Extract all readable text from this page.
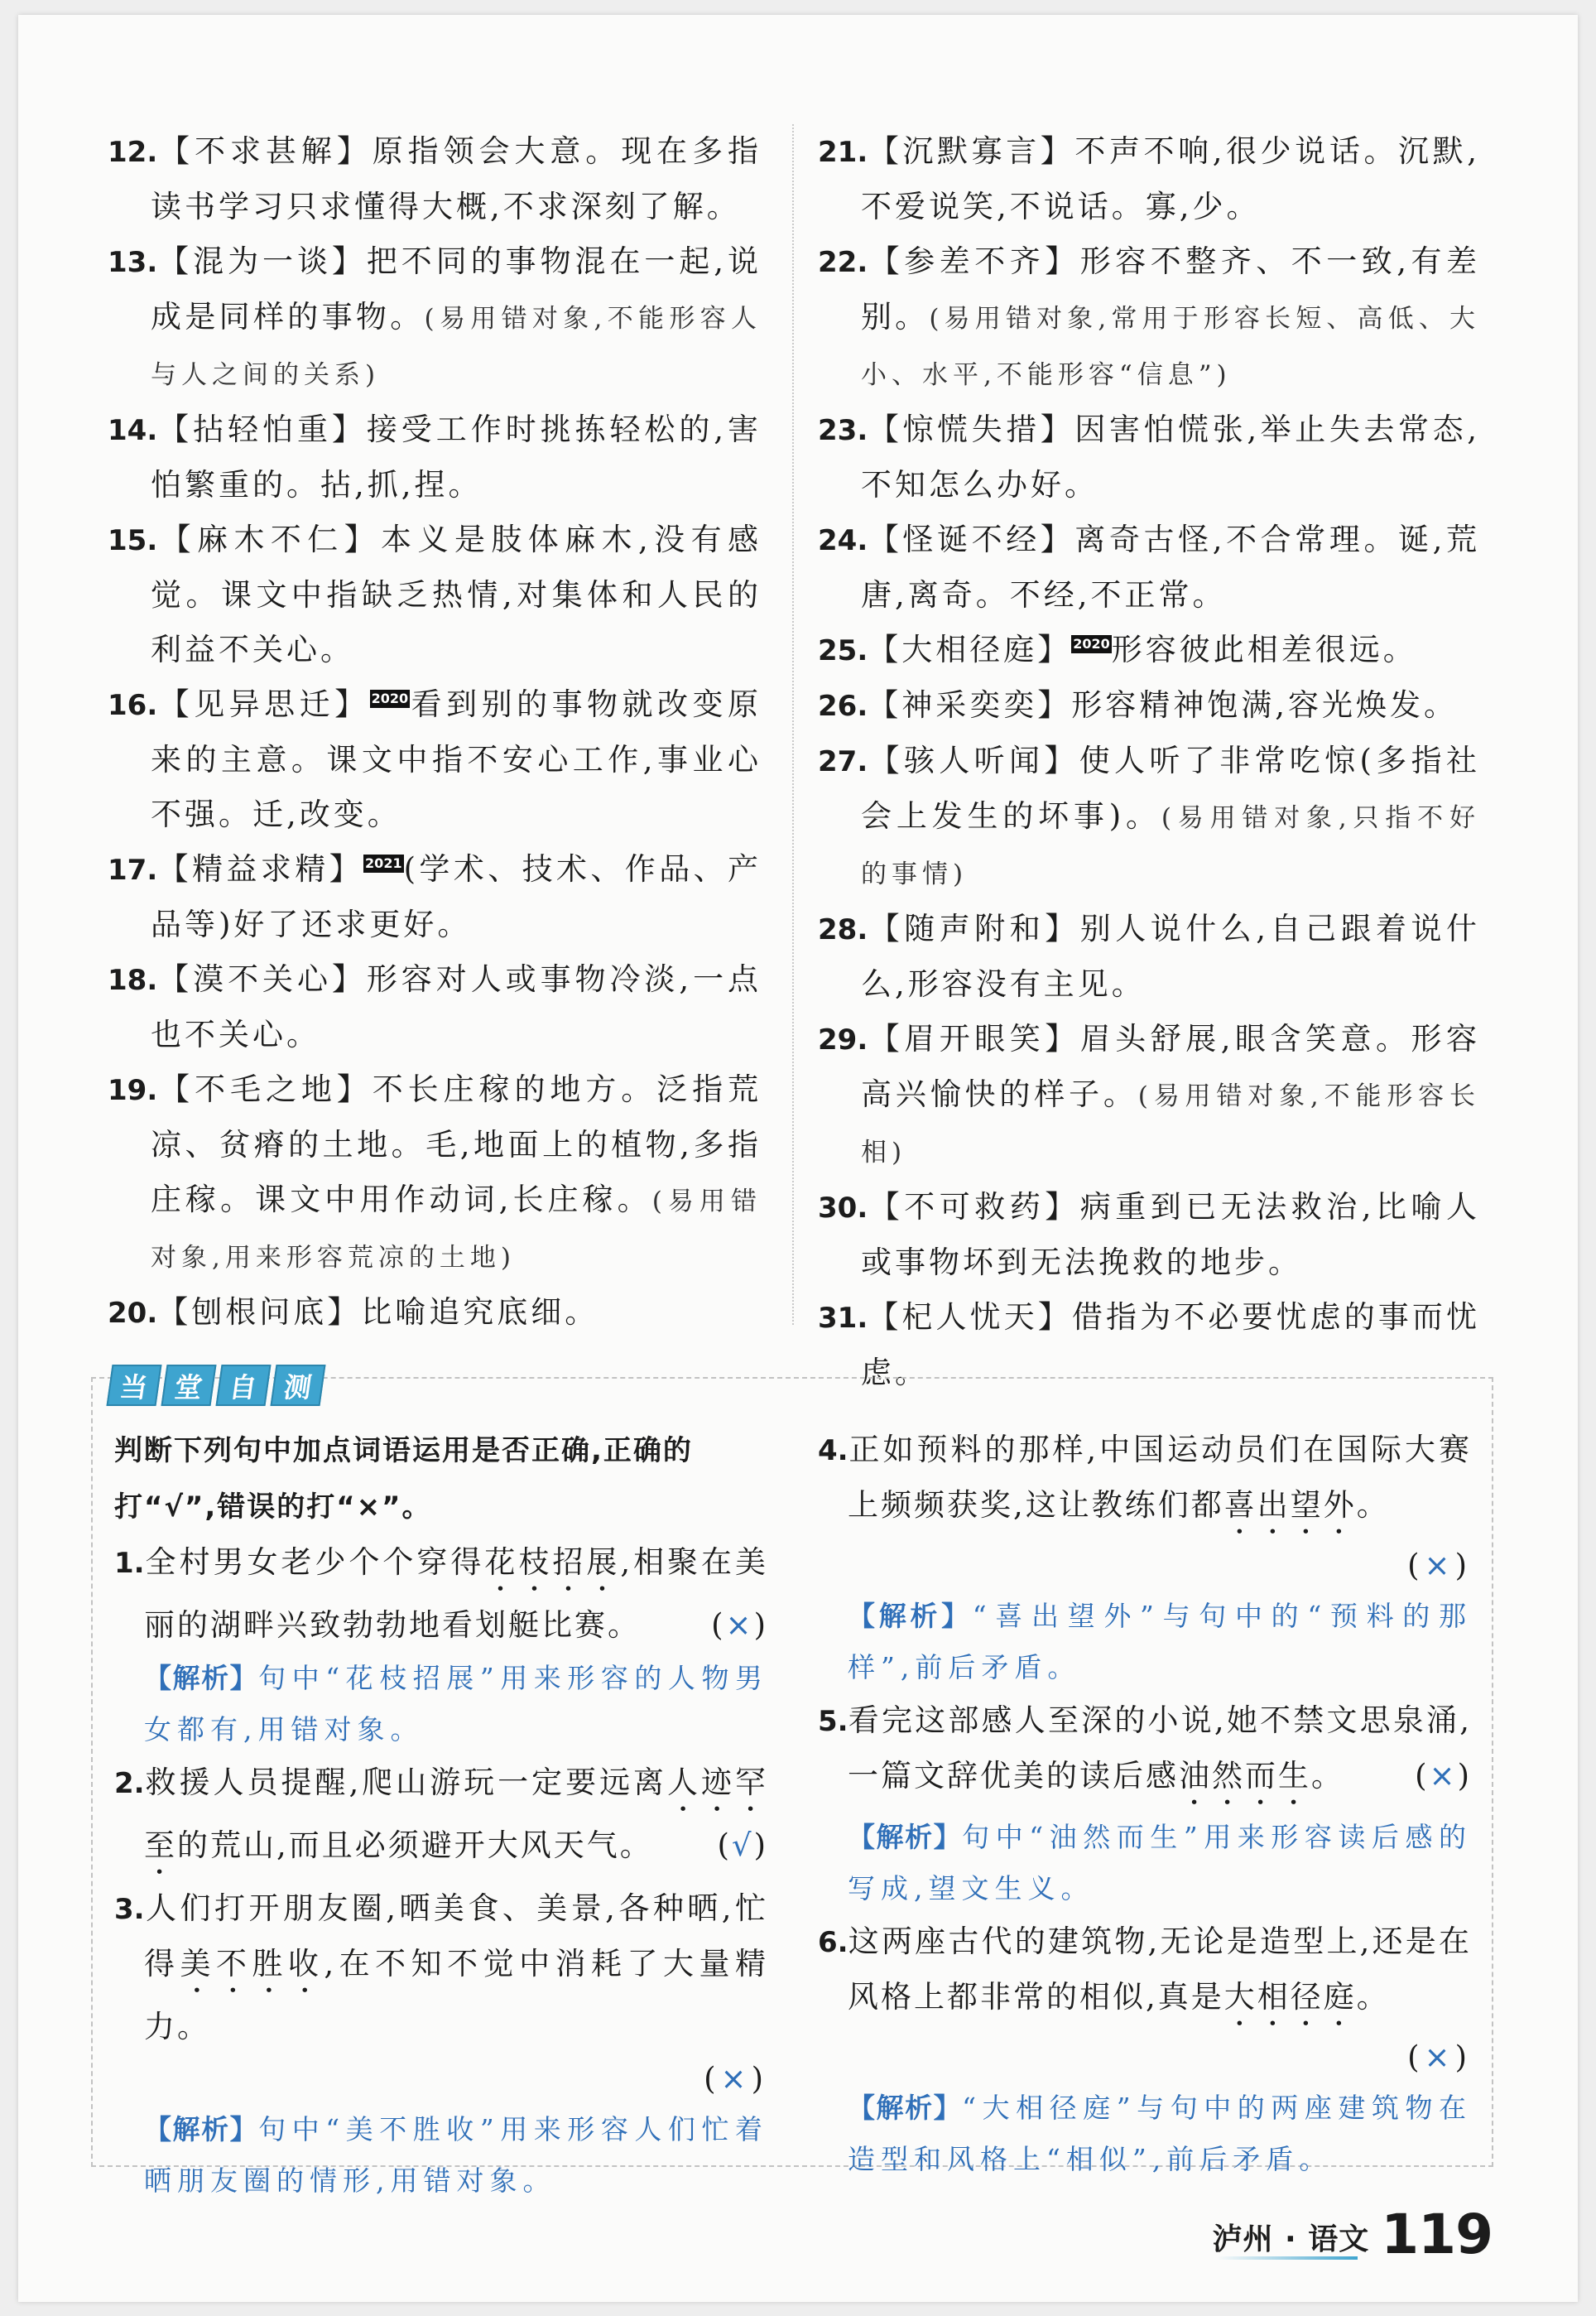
12.【不求甚解】原指领会大意。现在多指读书学习只求懂得大概,不求深刻了解。
13.【混为一谈】把不同的事物混在一起,说成是同样的事物。(易用错对象,不能形容人与人之间的关系)
14.【拈轻怕重】接受工作时挑拣轻松的,害怕繁重的。拈,抓,捏。
15.【麻木不仁】本义是肢体麻木,没有感觉。课文中指缺乏热情,对集体和人民的利益不关心。
16.【见异思迁】 2020看到别的事物就改变原来的主意。课文中指不安心工作,事业心不强。迁,改变。
17.【精益求精】 2021(学术、技术、作品、产品等)好了还求更好。
18.【漠不关心】形容对人或事物冷淡,一点也不关心。
19.【不毛之地】不长庄稼的地方。泛指荒凉、贫瘠的土地。毛,地面上的植物,多指庄稼。课文中用作动词,长庄稼。(易用错对象,用来形容荒凉的土地)
20.【刨根问底】比喻追究底细。
21.【沉默寡言】不声不响,很少说话。沉默,不爱说笑,不说话。寡,少。
22.【参差不齐】形容不整齐、不一致,有差别。(易用错对象,常用于形容长短、高低、大小、水平,不能形容“信息”)
23.【惊慌失措】因害怕慌张,举止失去常态,不知怎么办好。
24.【怪诞不经】离奇古怪,不合常理。诞,荒唐,离奇。不经,不正常。
25.【大相径庭】 2020形容彼此相差很远。
26.【神采奕奕】形容精神饱满,容光焕发。
27.【骇人听闻】使人听了非常吃惊(多指社会上发生的坏事)。(易用错对象,只指不好的事情)
28.【随声附和】别人说什么,自己跟着说什么,形容没有主见。
29.【眉开眼笑】眉头舒展,眼含笑意。形容高兴愉快的样子。(易用错对象,不能形容长相)
30.【不可救药】病重到已无法救治,比喻人或事物坏到无法挽救的地步。
31.【杞人忧天】借指为不必要忧虑的事而忧虑。
当 堂 自 测
判断下列句中加点词语运用是否正确,正确的打“√”,错误的打“×”。
1.全村男女老少个个穿得花枝招展,相聚在美丽的湖畔兴致勃勃地看划艇比赛。 (×)
【解析】句中“花枝招展”用来形容的人物男女都有,用错对象。
2.救援人员提醒,爬山游玩一定要远离人迹罕至的荒山,而且必须避开大风天气。 (√)
3.人们打开朋友圈,晒美食、美景,各种晒,忙得美不胜收,在不知不觉中消耗了大量精力。
(×)
【解析】句中“美不胜收”用来形容人们忙着晒朋友圈的情形,用错对象。
4.正如预料的那样,中国运动员们在国际大赛上频频获奖,这让教练们都喜出望外。
(×)
【解析】“喜出望外”与句中的“预料的那样”,前后矛盾。
5.看完这部感人至深的小说,她不禁文思泉涌,一篇文辞优美的读后感油然而生。 (×)
【解析】句中“油然而生”用来形容读后感的写成,望文生义。
6.这两座古代的建筑物,无论是造型上,还是在风格上都非常的相似,真是大相径庭。
(×)
【解析】“大相径庭”与句中的两座建筑物在造型和风格上“相似”,前后矛盾。
泸州 · 语文 119
